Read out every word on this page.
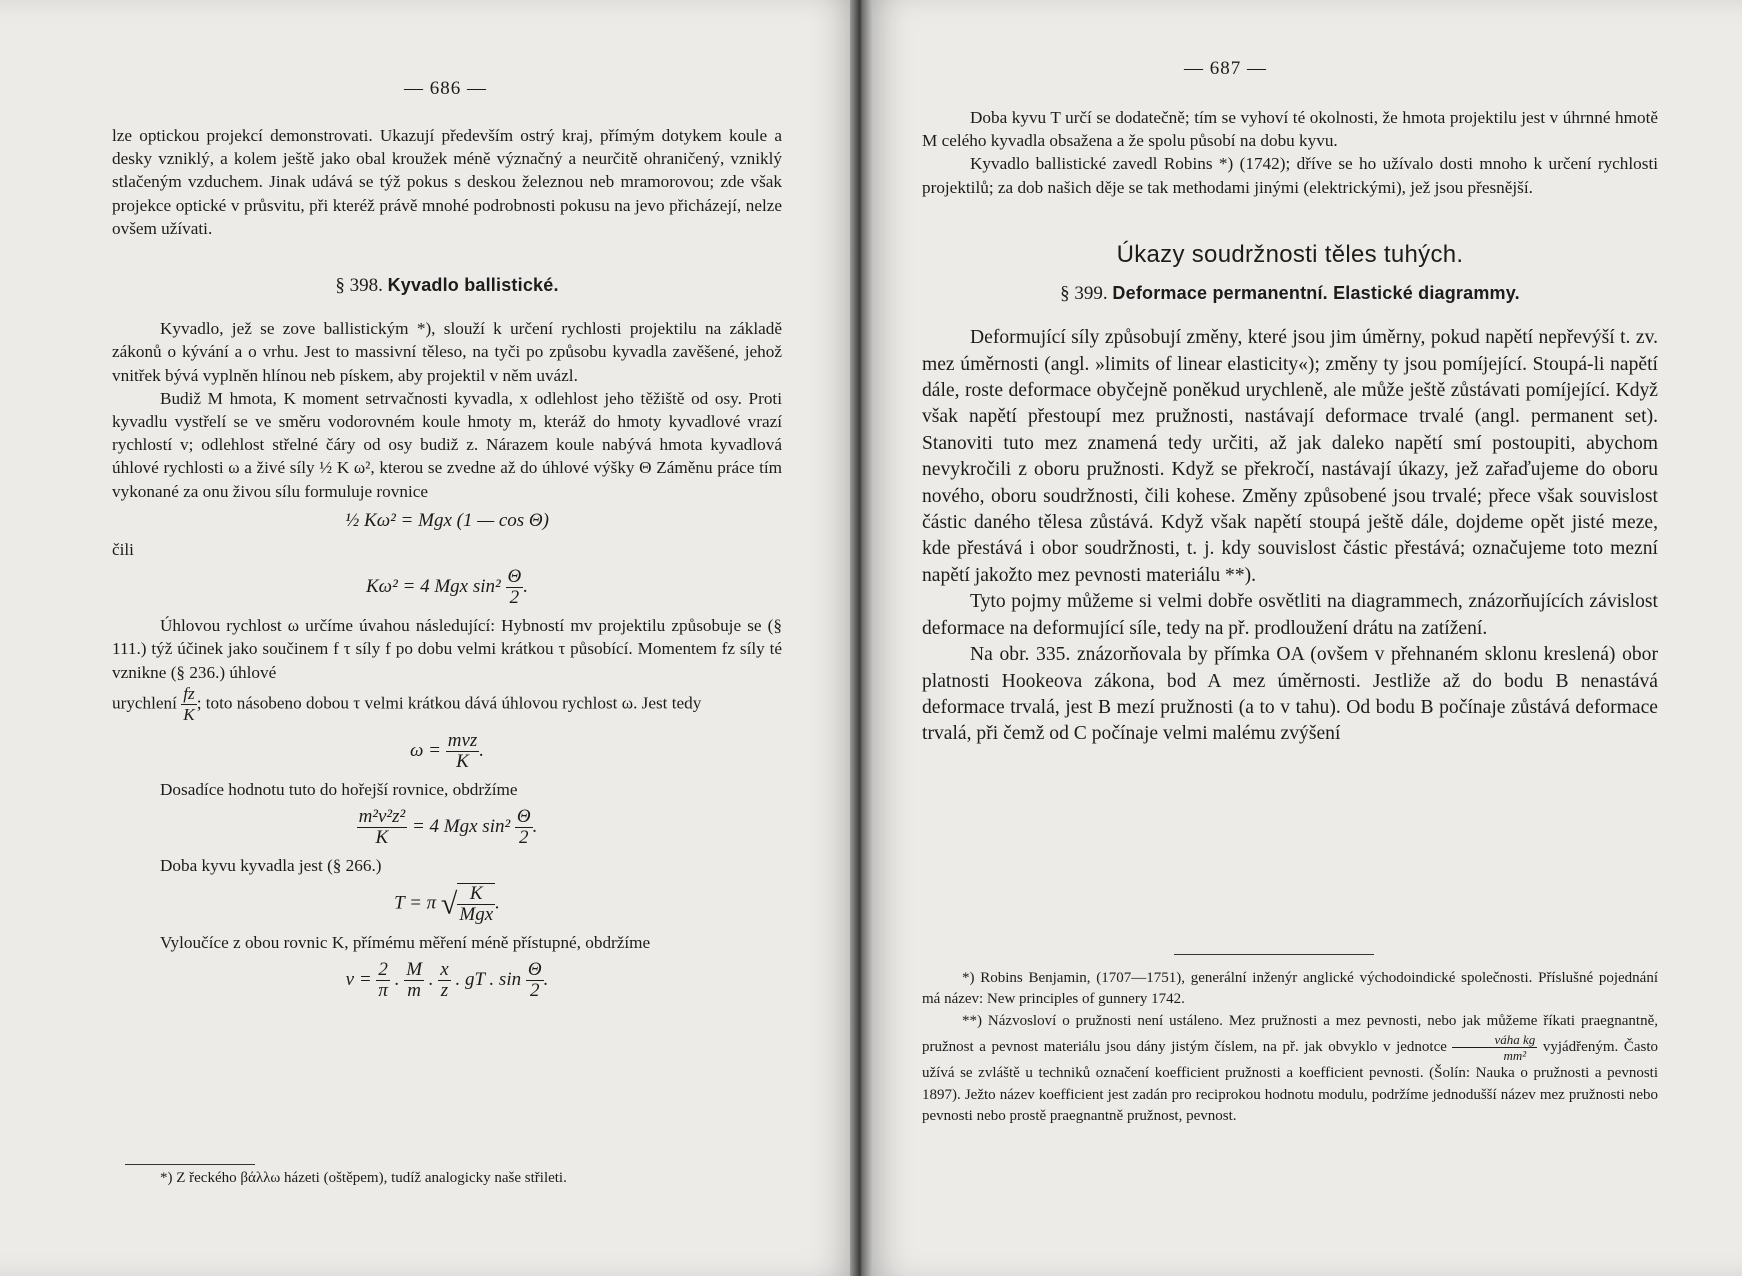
— 686 —

lze optickou projekcí demonstrovati. Ukazují především ostrý kraj, přímým dotykem koule a desky vzniklý, a kolem ještě jako obal kroužek méně význačný a neurčitě ohraničený, vzniklý stlačeným vzduchem. Jinak udává se týž pokus s deskou železnou neb mramorovou; zde však projekce optické v průsvitu, při kteréž právě mnohé podrobnosti pokusu na jevo přicházejí, nelze ovšem užívati.

§ 398. Kyvadlo ballistické.

Kyvadlo, jež se zove ballistickým *), slouží k určení rychlosti projektilu na základě zákonů o kývání a o vrhu. Jest to massivní těleso, na tyči po způsobu kyvadla zavěšené, jehož vnitřek bývá vyplněn hlínou neb pískem, aby projektil v něm uvázl.

Budiž M hmota, K moment setrvačnosti kyvadla, x odlehlost jeho těžiště od osy. Proti kyvadlu vystřelí se ve směru vodorovném koule hmoty m, kteráž do hmoty kyvadlové vrazí rychlostí v; odlehlost střelné čáry od osy budiž z. Nárazem koule nabývá hmota kyvadlová úhlové rychlosti ω a živé síly ½ K ω², kterou se zvedne až do úhlové výšky Θ Záměnu práce tím vykonané za onu živou sílu formuluje rovnice

½ Kω² = Mgx (1 — cos Θ)
čili
Kω² = 4 Mgx $\sin^2 \frac{\Theta}{2}$ .

Úhlovou rychlost ω určíme úvahou následující: Hybností mv projektilu způsobuje se (§ 111.) týž účinek jako součinem f τ síly f po dobu velmi krátkou τ působící. Momentem fz síly té vznikne (§ 236.) úhlové

urychlení $\frac{fz}{K}$ ; toto násobeno dobou τ velmi krátkou dává úhlovou rychlost ω. Jest tedy

$\omega = \frac{\text{mvz}}{K}$ .

Dosadíce hodnotu tuto do hořejší rovnice, obdržíme

$\frac{\text{m²v²z²}}{K} = 4$ Mgx $\sin^2 \frac{\Theta}{2}$ .

Doba kyvu kyvadla jest (§ 266.)

T = π √ $\frac{K}{\text{Mgx}}$ .

Vyloučíce z obou rovnic K, přímému měření méně přístupné, obdržíme

$v = \frac{2}{\pi}$ . $\frac{M}{m}$ . $\frac{x}{z}$ . gT . $\sin \frac{\Theta}{2}$ .
*) Z řeckého βάλλω házeti (oštěpem), tudíž analogicky naše střileti.
— 687 —

Doba kyvu T určí se dodatečně; tím se vyhoví té okolnosti, že hmota projektilu jest v úhrnné hmotě M celého kyvadla obsažena a že spolu působí na dobu kyvu.

Kyvadlo ballistické zavedl Robins *) (1742); dříve se ho užívalo dosti mnoho k určení rychlosti projektilů; za dob našich děje se tak methodami jinými (elektrickými), jež jsou přesnější.

Úkazy soudržnosti těles tuhých.
§ 399. Deformace permanentní. Elastické diagrammy.

Deformující síly způsobují změny, které jsou jim úměrny, pokud napětí nepřevýší t. zv. mez úměrnosti (angl. »limits of linear elasticity«); změny ty jsou pomíjející. Stoupá-li napětí dále, roste deformace obyčejně poněkud urychleně, ale může ještě zůstávati pomíjející. Když však napětí přestoupí mez pružnosti, nastávají deformace trvalé (angl. permanent set). Stanoviti tuto mez znamená tedy určiti, až jak daleko napětí smí postoupiti, abychom nevykročili z oboru pružnosti. Když se překročí, nastávají úkazy, jež zařaďujeme do oboru nového, oboru soudržnosti, čili kohese. Změny způsobené jsou trvalé; přece však souvislost částic daného tělesa zůstává. Když však napětí stoupá ještě dále, dojdeme opět jisté meze, kde přestává i obor soudržnosti, t. j. kdy souvislost částic přestává; označujeme toto mezní napětí jakožto mez pevnosti materiálu **).

Tyto pojmy můžeme si velmi dobře osvětliti na diagrammech, znázorňujících závislost deformace na deformující síle, tedy na př. prodloužení drátu na zatížení.

Na obr. 335. znázorňovala by přímka OA (ovšem v přehnaném sklonu kreslená) obor platnosti Hookeova zákona, bod A mez úměrnosti. Jestliže až do bodu B nenastává deformace trvalá, jest B mezí pružnosti (a to v tahu). Od bodu B počínaje zůstává deformace trvalá, při čemž od C počínaje velmi malému zvýšení

*) Robins Benjamin, (1707—1751), generální inženýr anglické východoindické společnosti. Příslušné pojednání má název: New principles of gunnery 1742.

**) Názvosloví o pružnosti není ustáleno. Mez pružnosti a mez pevnosti, nebo jak můžeme říkati praegnantně, pružnost a pevnost materiálu jsou dány jistým číslem, na př. jak obvyklo v jednotce $\frac{\text{váha kg}}{\text{mm²}}$ vyjádřeným. Často užívá se zvláště u techniků označení koefficient pružnosti a koefficient pevnosti. (Šolín: Nauka o pružnosti a pevnosti 1897). Ježto název koefficient jest zadán pro reciprokou hodnotu modulu, podržíme jednodušší název mez pružnosti nebo pevnosti nebo prostě praegnantně pružnost, pevnost.
